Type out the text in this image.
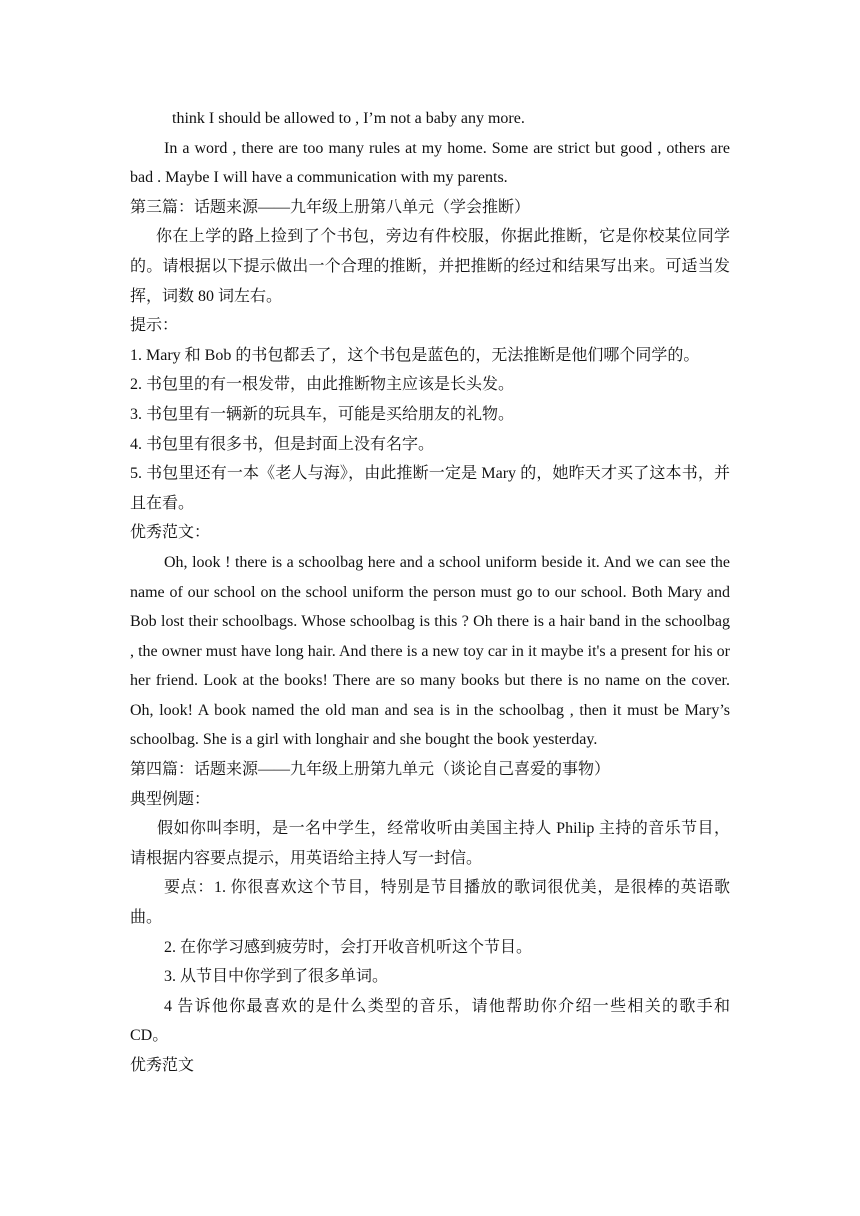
think I should be allowed to , I’m not a baby any more.

In a word , there are too many rules at my home. Some are strict but good , others are bad . Maybe I will have a communication with my parents.

第三篇：话题来源——九年级上册第八单元（学会推断）

你在上学的路上捡到了个书包，旁边有件校服，你据此推断，它是你校某位同学的。请根据以下提示做出一个合理的推断，并把推断的经过和结果写出来。可适当发挥，词数 80 词左右。

提示：

1. Mary 和 Bob 的书包都丢了，这个书包是蓝色的，无法推断是他们哪个同学的。

2. 书包里的有一根发带，由此推断物主应该是长头发。

3. 书包里有一辆新的玩具车，可能是买给朋友的礼物。

4. 书包里有很多书，但是封面上没有名字。

5. 书包里还有一本《老人与海》，由此推断一定是 Mary 的，她昨天才买了这本书，并且在看。

优秀范文：

Oh, look ! there is a schoolbag here and a school uniform beside it. And we can see the name of our school on the school uniform the person must go to our school. Both Mary and Bob lost their schoolbags. Whose schoolbag is this ? Oh there is a hair band in the schoolbag , the owner must have long hair. And there is a new toy car in it maybe it's a present for his or her friend. Look at the books! There are so many books but there is no name on the cover. Oh, look! A book named the old man and sea is in the schoolbag , then it must be Mary’s schoolbag. She is a girl with longhair and she bought the book yesterday.

第四篇：话题来源——九年级上册第九单元（谈论自己喜爱的事物）

典型例题：

假如你叫李明，是一名中学生，经常收听由美国主持人 Philip 主持的音乐节目，请根据内容要点提示，用英语给主持人写一封信。

要点：1. 你很喜欢这个节目，特别是节目播放的歌词很优美，是很棒的英语歌曲。

2. 在你学习感到疲劳时，会打开收音机听这个节目。

3. 从节目中你学到了很多单词。

4 告诉他你最喜欢的是什么类型的音乐，请他帮助你介绍一些相关的歌手和 CD。

优秀范文
